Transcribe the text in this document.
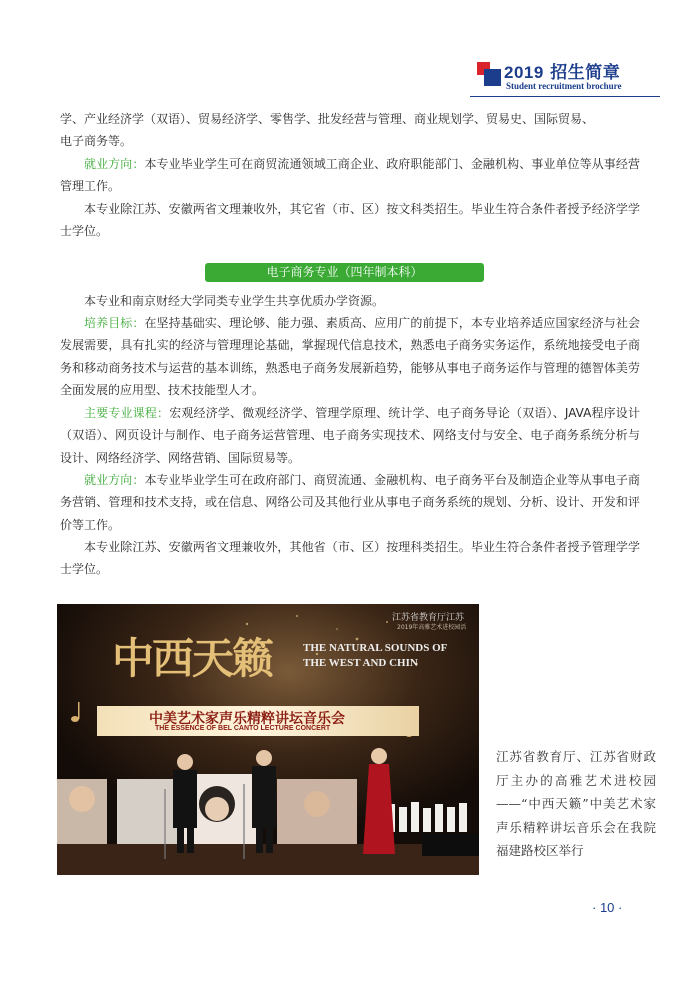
2019 招生简章
Student recruitment brochure
学、产业经济学（双语）、贸易经济学、零售学、批发经营与管理、商业规划学、贸易史、国际贸易、
电子商务等。
就业方向：本专业毕业学生可在商贸流通领域工商企业、政府职能部门、金融机构、事业单位等从事经营管理工作。
本专业除江苏、安徽两省文理兼收外，其它省（市、区）按文科类招生。毕业生符合条件者授予经济学学士学位。
电子商务专业（四年制本科）
本专业和南京财经大学同类专业学生共享优质办学资源。
培养目标：在坚持基础实、理论够、能力强、素质高、应用广的前提下，本专业培养适应国家经济与社会发展需要，具有扎实的经济与管理理论基础，掌握现代信息技术，熟悉电子商务实务运作，系统地接受电子商务和移动商务技术与运营的基本训练，熟悉电子商务发展新趋势，能够从事电子商务运作与管理的德智体美劳全面发展的应用型、技术技能型人才。
主要专业课程：宏观经济学、微观经济学、管理学原理、统计学、电子商务导论（双语）、JAVA程序设计（双语）、网页设计与制作、电子商务运营管理、电子商务实现技术、网络支付与安全、电子商务系统分析与设计、网络经济学、网络营销、国际贸易等。
就业方向：本专业毕业学生可在政府部门、商贸流通、金融机构、电子商务平台及制造企业等从事电子商务营销、管理和技术支持，或在信息、网络公司及其他行业从事电子商务系统的规划、分析、设计、开发和评价等工作。
本专业除江苏、安徽两省文理兼收外，其他省（市、区）按理科类招生。毕业生符合条件者授予管理学学士学位。
江苏省教育厅江苏
2019年高雅艺术进校园活
中西天籁	THE NATURAL SOUNDS OF
THE WEST AND CHIN
中美艺术家声乐精粹讲坛音乐会
THE ESSENCE OF BEL CANTO LECTURE CONCERT
江苏省教育厅、江苏省财政厅主办的高雅艺术进校园——“中西天籁”中美艺术家声乐精粹讲坛音乐会在我院福建路校区举行
· 10 ·
